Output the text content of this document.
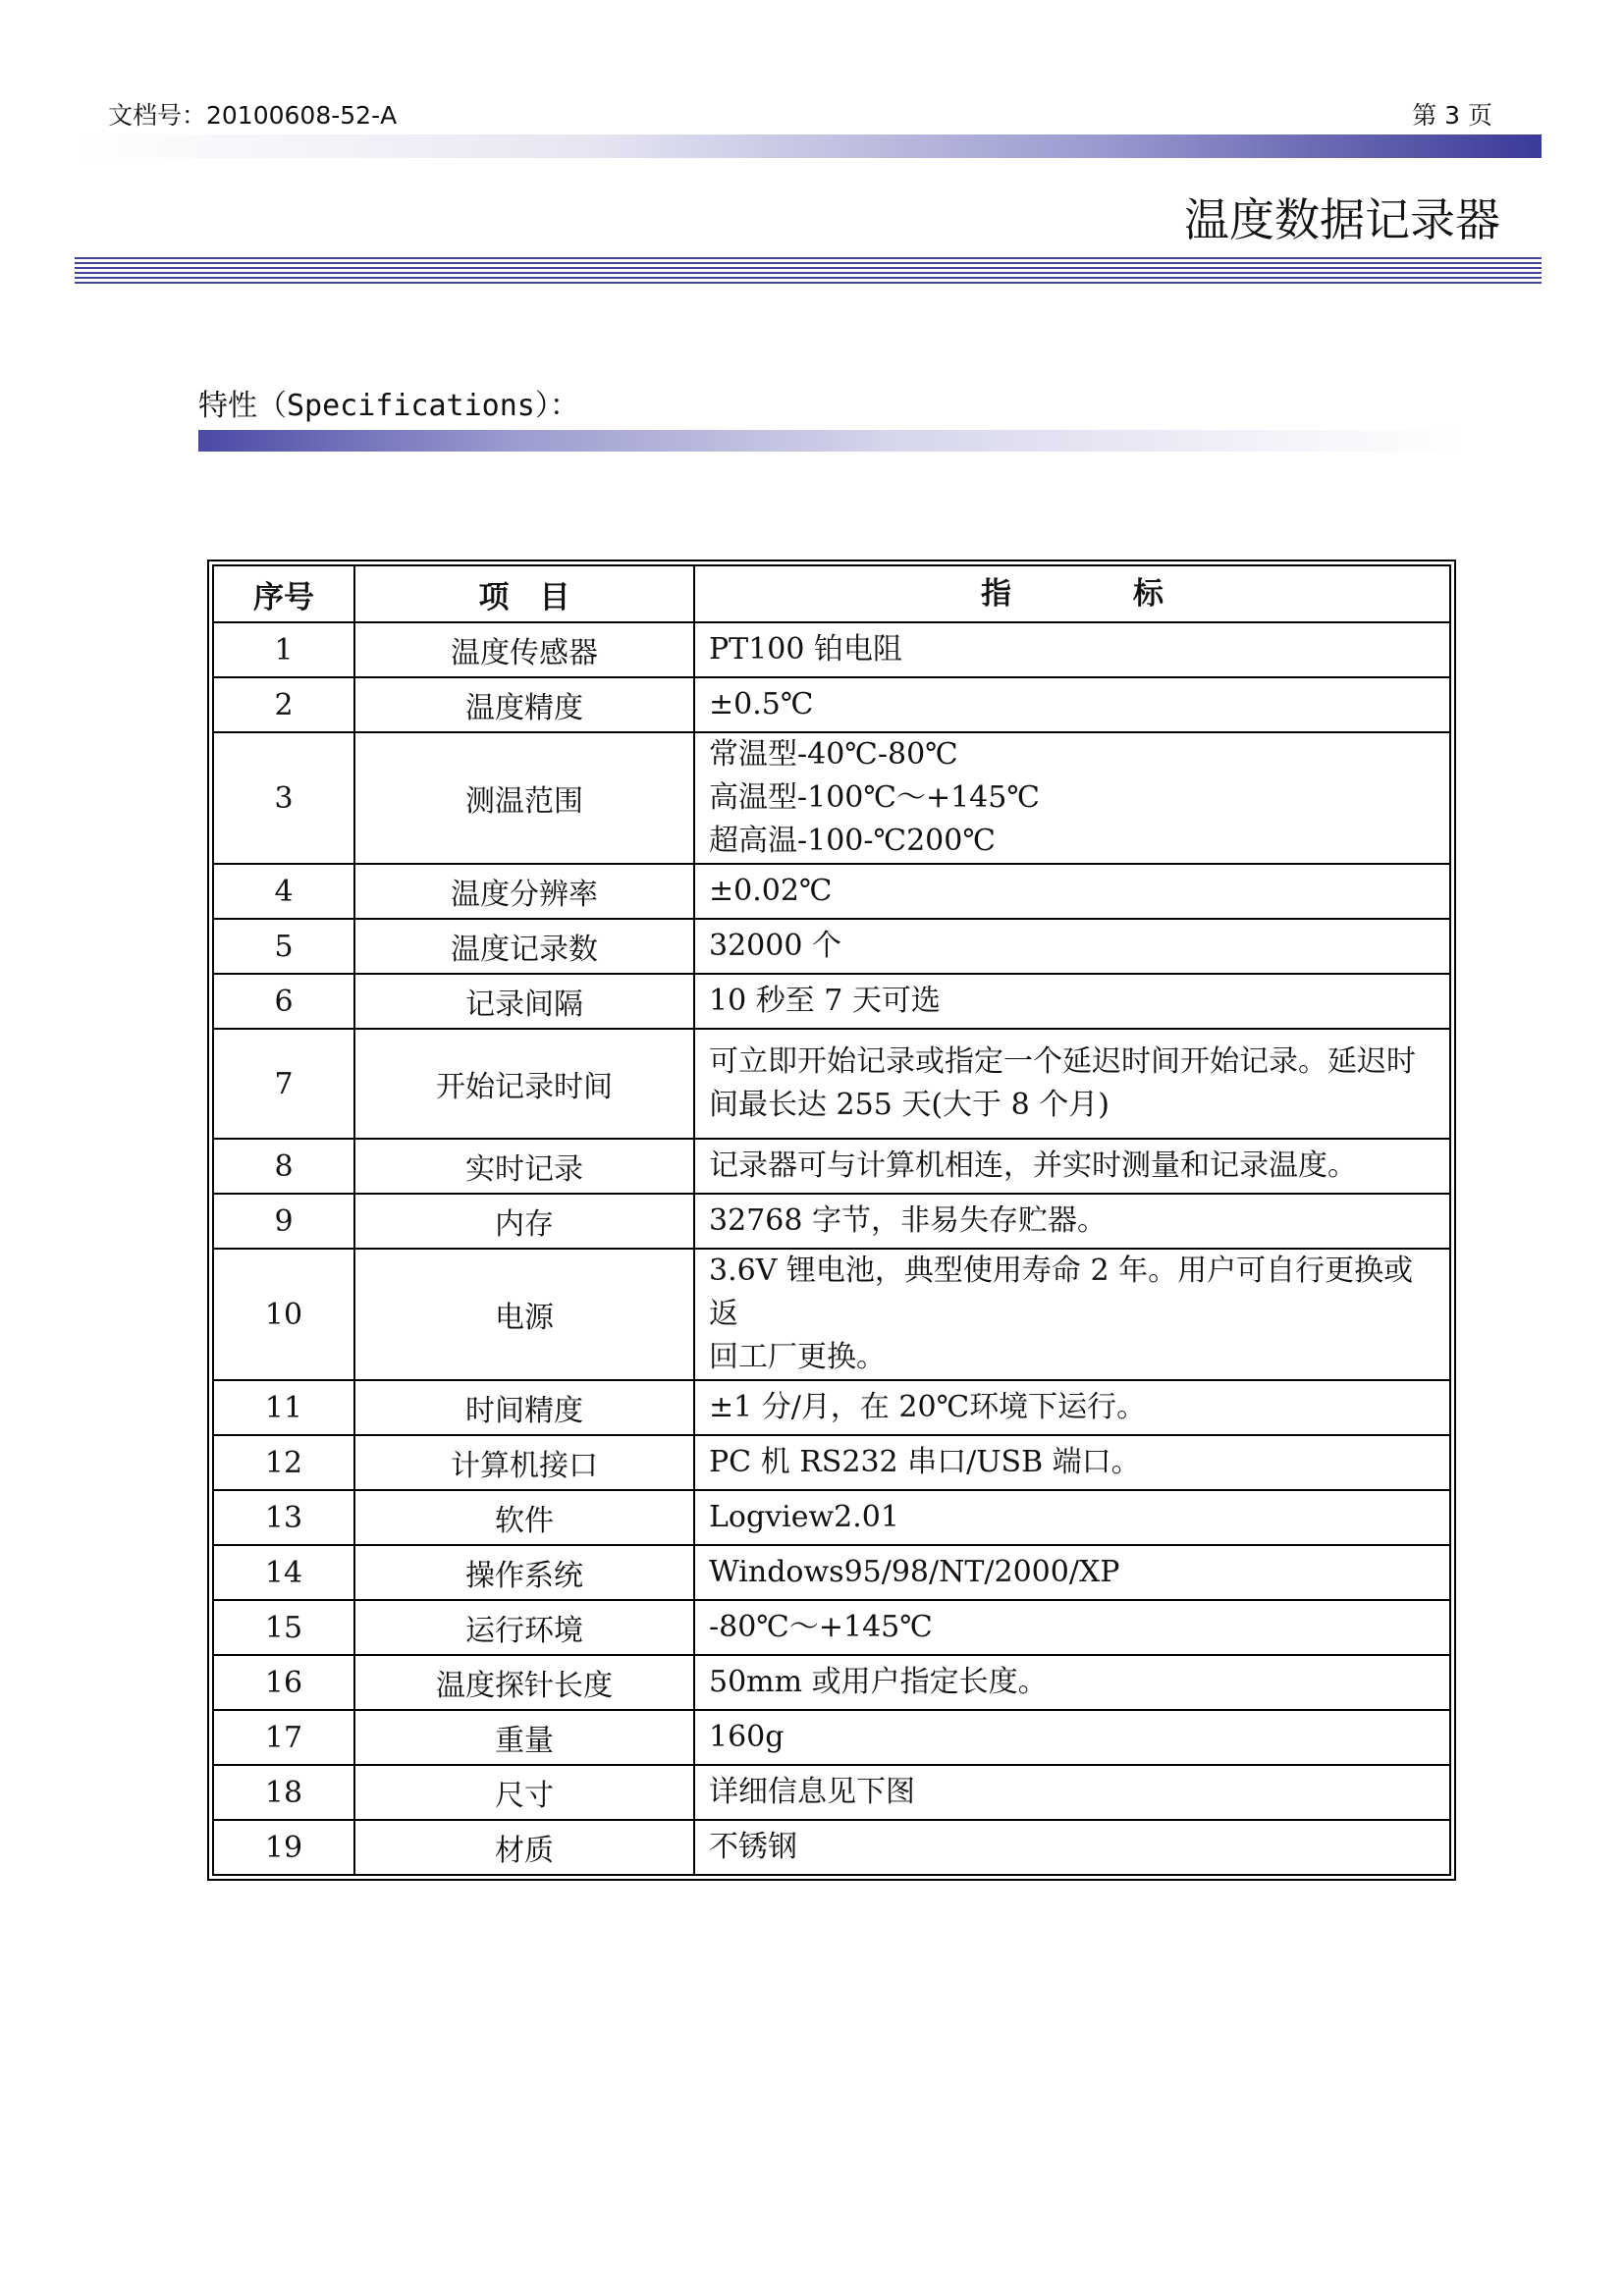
文档号：20100608-52-A	第 3 页
温度数据记录器
特性（Specifications）：
序号	项　目	指　　　　标
1	温度传感器	PT100 铂电阻

2	温度精度	±0.5℃

3	测温范围	常温型-40℃-80℃
高温型-100℃～+145℃
超高温-100-℃200℃

4	温度分辨率	±0.02℃

5	温度记录数	32000 个

6	记录间隔	10 秒至 7 天可选

7	开始记录时间	可立即开始记录或指定一个延迟时间开始记录。延迟时
间最长达 255 天(大于 8 个月)

8	实时记录	记录器可与计算机相连，并实时测量和记录温度。

9	内存	32768 字节，非易失存贮器。

10	电源	3.6V 锂电池，典型使用寿命 2 年。用户可自行更换或返
回工厂更换。

11	时间精度	±1 分/月，在 20℃环境下运行。

12	计算机接口	PC 机 RS232 串口/USB 端口。

13	软件	Logview2.01

14	操作系统	Windows95/98/NT/2000/XP

15	运行环境	-80℃～+145℃

16	温度探针长度	50mm 或用户指定长度。

17	重量	160g

18	尺寸	详细信息见下图

19	材质	不锈钢
